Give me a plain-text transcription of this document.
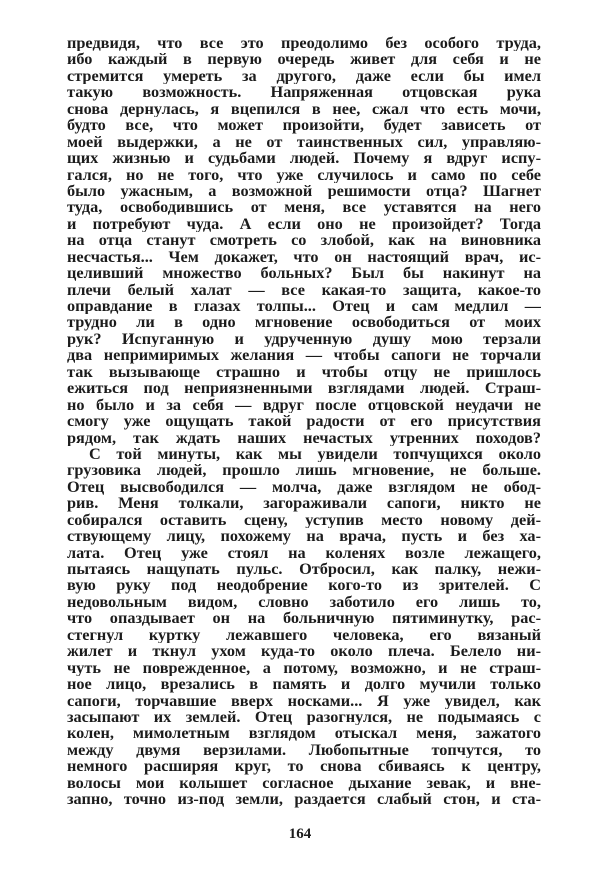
предвидя, что все это преодолимо без особого труда,
ибо каждый в первую очередь живет для себя и не
стремится умереть за другого, даже если бы имел
такую возможность. Напряженная отцовская рука
снова дернулась, я вцепился в нее, сжал что есть мочи,
будто все, что может произойти, будет зависеть от
моей выдержки, а не от таинственных сил, управляю-
щих жизнью и судьбами людей. Почему я вдруг испу-
гался, но не того, что уже случилось и само по себе
было ужасным, а возможной решимости отца? Шагнет
туда, освободившись от меня, все уставятся на него
и потребуют чуда. А если оно не произойдет? Тогда
на отца станут смотреть со злобой, как на виновника
несчастья... Чем докажет, что он настоящий врач, ис-
целивший множество больных? Был бы накинут на
плечи белый халат — все какая-то защита, какое-то
оправдание в глазах толпы... Отец и сам медлил —
трудно ли в одно мгновение освободиться от моих
рук? Испуганную и удрученную душу мою терзали
два непримиримых желания — чтобы сапоги не торчали
так вызывающе страшно и чтобы отцу не пришлось
ежиться под неприязненными взглядами людей. Страш-
но было и за себя — вдруг после отцовской неудачи не
смогу уже ощущать такой радости от его присутствия
рядом, так ждать наших нечастых утренних походов?
С той минуты, как мы увидели топчущихся около
грузовика людей, прошло лишь мгновение, не больше.
Отец высвободился — молча, даже взглядом не обод-
рив. Меня толкали, загораживали сапоги, никто не
собирался оставить сцену, уступив место новому дей-
ствующему лицу, похожему на врача, пусть и без ха-
лата. Отец уже стоял на коленях возле лежащего,
пытаясь нащупать пульс. Отбросил, как палку, нежи-
вую руку под неодобрение кого-то из зрителей. С
недовольным видом, словно заботило его лишь то,
что опаздывает он на больничную пятиминутку, рас-
стегнул куртку лежавшего человека, его вязаный
жилет и ткнул ухом куда-то около плеча. Белело ни-
чуть не поврежденное, а потому, возможно, и не страш-
ное лицо, врезались в память и долго мучили только
сапоги, торчавшие вверх носками... Я уже увидел, как
засыпают их землей. Отец разогнулся, не подымаясь с
колен, мимолетным взглядом отыскал меня, зажатого
между двумя верзилами. Любопытные топчутся, то
немного расширяя круг, то снова сбиваясь к центру,
волосы мои колышет согласное дыхание зевак, и вне-
запно, точно из-под земли, раздается слабый стон, и ста-
164
